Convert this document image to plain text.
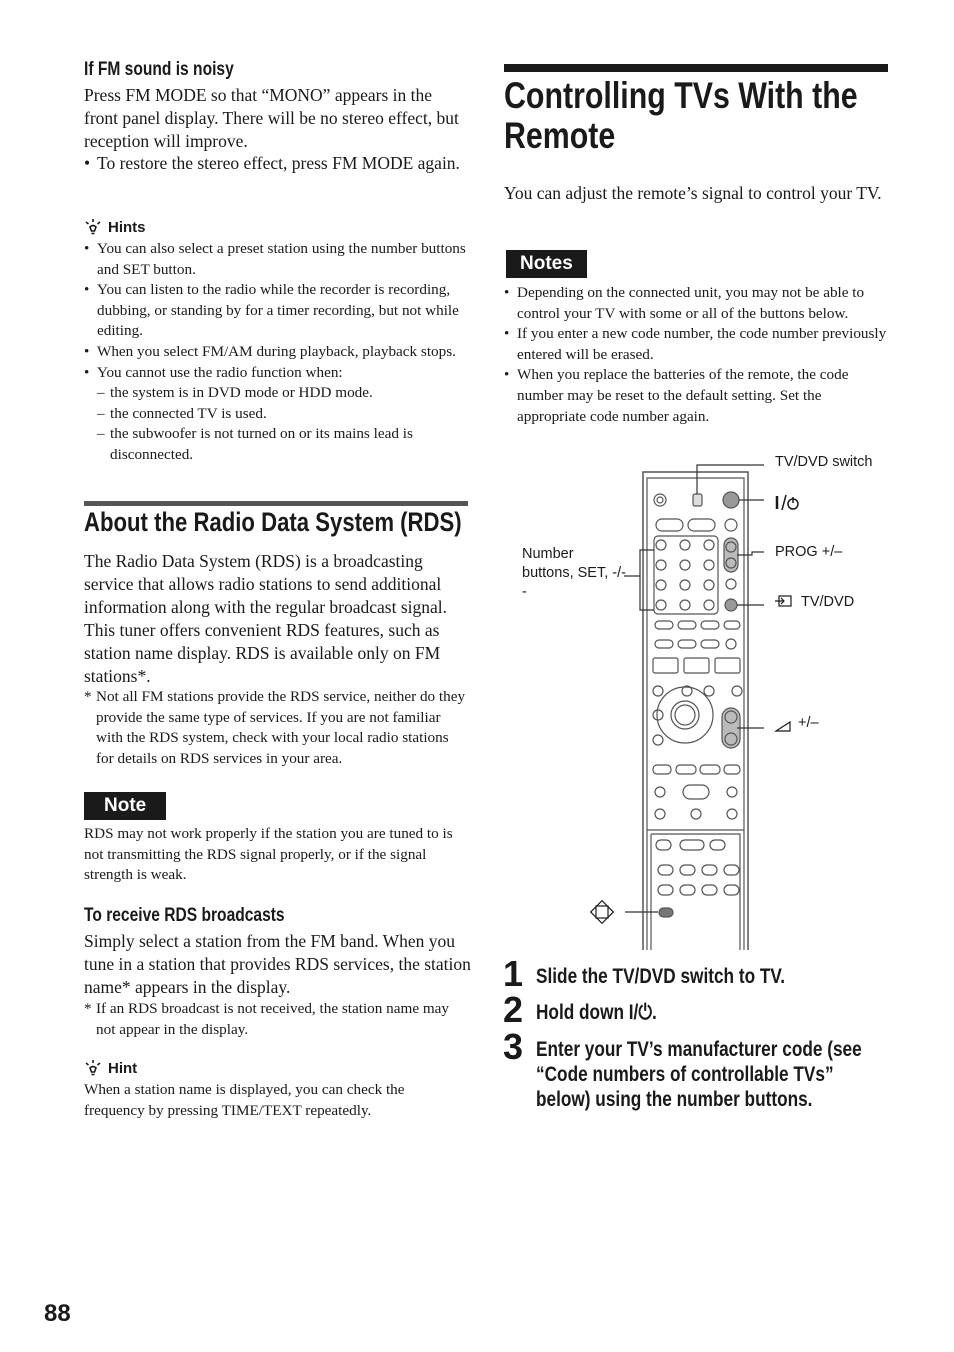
If FM sound is noisy

Press FM MODE so that “MONO” appears in the front panel display. There will be no stereo effect, but reception will improve.

• To restore the stereo effect, press FM MODE again.
Hints
• You can also select a preset station using the number buttons and SET button.
• You can listen to the radio while the recorder is recording, dubbing, or standing by for a timer recording, but not while editing.
• When you select FM/AM during playback, playback stops.
• You cannot use the radio function when:
– the system is in DVD mode or HDD mode.
– the connected TV is used.
– the subwoofer is not turned on or its mains lead is disconnected.
About the Radio Data System (RDS)

The Radio Data System (RDS) is a broadcasting service that allows radio stations to send additional information along with the regular broadcast signal. This tuner offers convenient RDS features, such as station name display. RDS is available only on FM stations*.

* Not all FM stations provide the RDS service, neither do they provide the same type of services. If you are not familiar with the RDS system, check with your local radio stations for details on RDS services in your area.
Note

RDS may not work properly if the station you are tuned to is not transmitting the RDS signal properly, or if the signal strength is weak.

To receive RDS broadcasts

Simply select a station from the FM band. When you tune in a station that provides RDS services, the station name* appears in the display.

* If an RDS broadcast is not received, the station name may not appear in the display.
Hint

When a station name is displayed, you can check the frequency by pressing TIME/TEXT repeatedly.

88
Controlling TVs With the Remote

You can adjust the remote’s signal to control your TV.

Notes
• Depending on the connected unit, you may not be able to control your TV with some or all of the buttons below.
• If you enter a new code number, the code number previously entered will be erased.
• When you replace the batteries of the remote, the code number may be reset to the default setting. Set the appropriate code number again.
TV/DVD switch
PROG +/–
Number buttons, SET, -/--
TV/DVD
+/–
1 Slide the TV/DVD switch to TV.
2 Hold down I/⏻.
3 Enter your TV’s manufacturer code (see “Code numbers of controllable TVs” below) using the number buttons.
